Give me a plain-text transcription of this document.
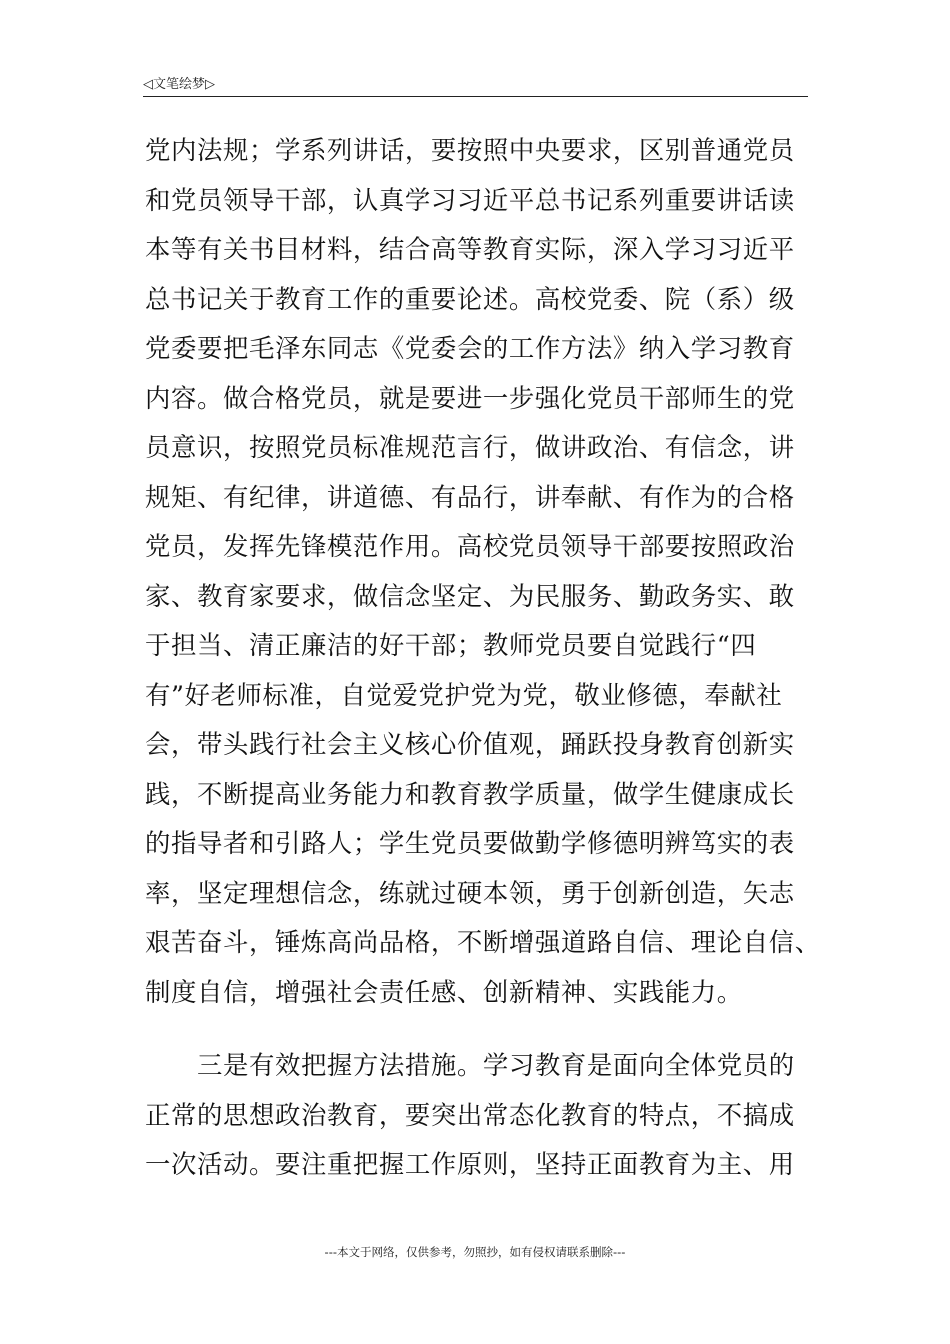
◁ 文笔绘梦 ▷
党内法规；学系列讲话，要按照中央要求，区别普通党员
和党员领导干部，认真学习习近平总书记系列重要讲话读
本等有关书目材料，结合高等教育实际，深入学习习近平
总书记关于教育工作的重要论述。高校党委、院（系）级
党委要把毛泽东同志《党委会的工作方法》纳入学习教育
内容。做合格党员，就是要进一步强化党员干部师生的党
员意识，按照党员标准规范言行，做讲政治、有信念，讲
规矩、有纪律，讲道德、有品行，讲奉献、有作为的合格
党员，发挥先锋模范作用。高校党员领导干部要按照政治
家、教育家要求，做信念坚定、为民服务、勤政务实、敢
于担当、清正廉洁的好干部；教师党员要自觉践行“四
有”好老师标准，自觉爱党护党为党，敬业修德，奉献社
会，带头践行社会主义核心价值观，踊跃投身教育创新实
践，不断提高业务能力和教育教学质量，做学生健康成长
的指导者和引路人；学生党员要做勤学修德明辨笃实的表
率，坚定理想信念，练就过硬本领，勇于创新创造，矢志
艰苦奋斗，锤炼高尚品格，不断增强道路自信、理论自信、
制度自信，增强社会责任感、创新精神、实践能力。
　　三是有效把握方法措施。学习教育是面向全体党员的
正常的思想政治教育，要突出常态化教育的特点，不搞成
一次活动。要注重把握工作原则，坚持正面教育为主、用
---本文于网络，仅供参考，勿照抄，如有侵权请联系删除---
